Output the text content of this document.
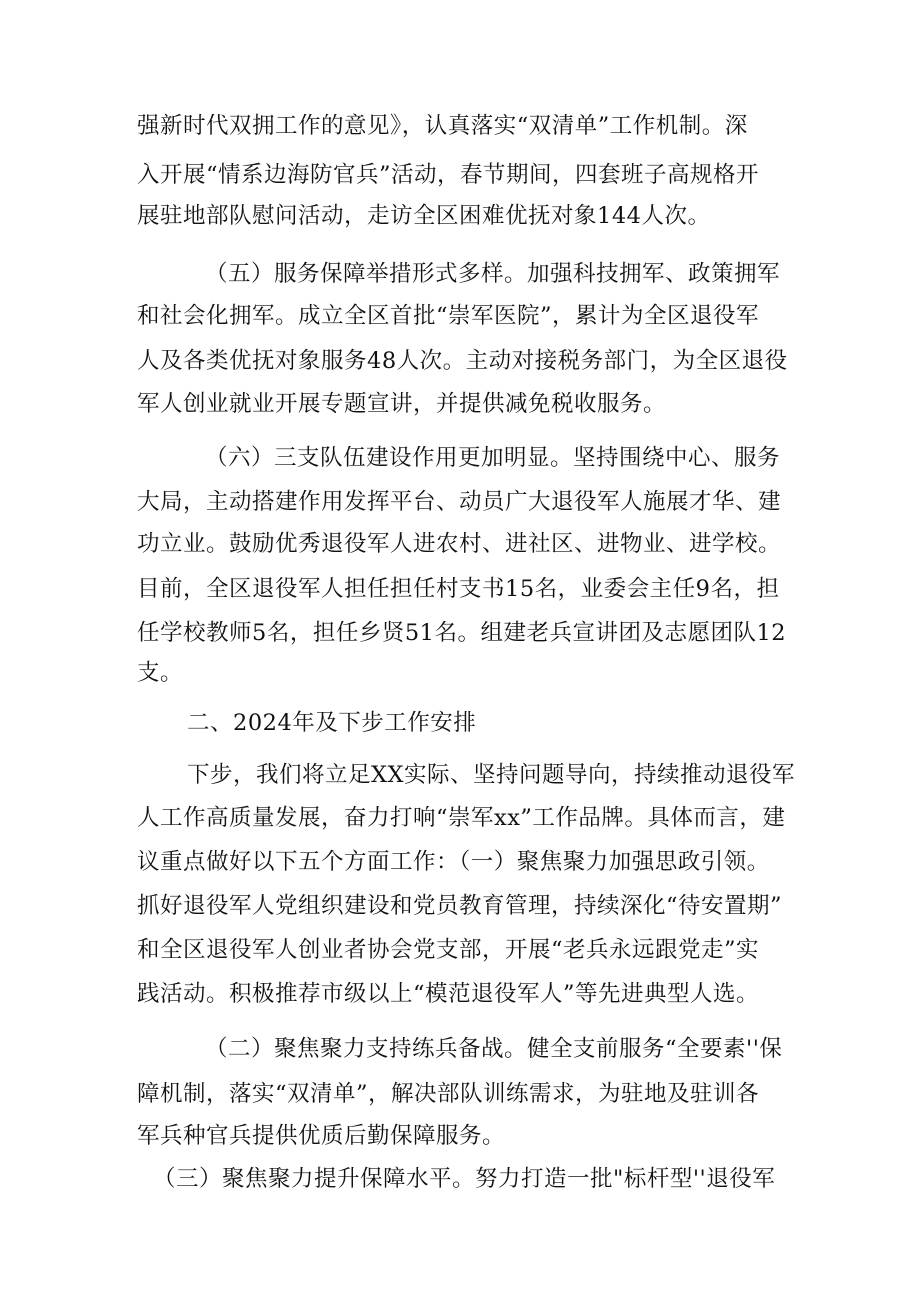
强新时代双拥工作的意见》，认真落实“双清单”工作机制。深
入开展“情系边海防官兵”活动，春节期间，四套班子高规格开
展驻地部队慰问活动，走访全区困难优抚对象144人次。
（五）服务保障举措形式多样。加强科技拥军、政策拥军
和社会化拥军。成立全区首批“崇军医院”，累计为全区退役军
人及各类优抚对象服务48人次。主动对接税务部门，为全区退役
军人创业就业开展专题宣讲，并提供减免税收服务。
（六）三支队伍建设作用更加明显。坚持围绕中心、服务
大局，主动搭建作用发挥平台、动员广大退役军人施展才华、建
功立业。鼓励优秀退役军人进农村、进社区、进物业、进学校。
目前，全区退役军人担任担任村支书15名，业委会主任9名，担
任学校教师5名，担任乡贤51名。组建老兵宣讲团及志愿团队12
支。
二、2024年及下步工作安排
下步，我们将立足XX实际、坚持问题导向，持续推动退役军
人工作高质量发展，奋力打响“崇军xx”工作品牌。具体而言，建
议重点做好以下五个方面工作：（一）聚焦聚力加强思政引领。
抓好退役军人党组织建设和党员教育管理，持续深化“待安置期”
和全区退役军人创业者协会党支部，开展“老兵永远跟党走”实
践活动。积极推荐市级以上“模范退役军人”等先进典型人选。
（二）聚焦聚力支持练兵备战。健全支前服务“全要素''保
障机制，落实“双清单”，解决部队训练需求，为驻地及驻训各
军兵种官兵提供优质后勤保障服务。
（三）聚焦聚力提升保障水平。努力打造一批"标杆型''退役军
